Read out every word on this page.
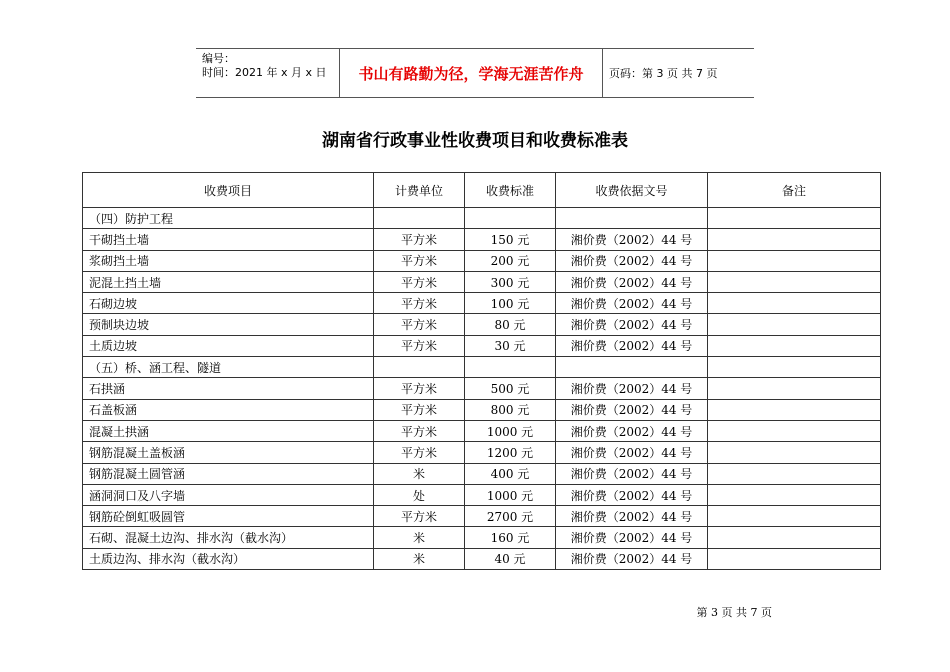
编号：
时间：2021 年 x 月 x 日	书山有路勤为径，学海无涯苦作舟	页码：第 3 页 共 7 页
湖南省行政事业性收费项目和收费标准表
收费项目	计费单位	收费标准	收费依据文号	备注
（四）防护工程				
干砌挡土墙	平方米	150 元	湘价费（2002）44 号	
浆砌挡土墙	平方米	200 元	湘价费（2002）44 号	
泥混土挡土墙	平方米	300 元	湘价费（2002）44 号	
石砌边坡	平方米	100 元	湘价费（2002）44 号	
预制块边坡	平方米	80 元	湘价费（2002）44 号	
土质边坡	平方米	30 元	湘价费（2002）44 号	
（五）桥、涵工程、隧道				
石拱涵	平方米	500 元	湘价费（2002）44 号	
石盖板涵	平方米	800 元	湘价费（2002）44 号	
混凝土拱涵	平方米	1000 元	湘价费（2002）44 号	
钢筋混凝土盖板涵	平方米	1200 元	湘价费（2002）44 号	
钢筋混凝土圆管涵	米	400 元	湘价费（2002）44 号	
涵洞洞口及八字墙	处	1000 元	湘价费（2002）44 号	
钢筋砼倒虹吸圆管	平方米	2700 元	湘价费（2002）44 号	
石砌、混凝土边沟、排水沟（截水沟）	米	160 元	湘价费（2002）44 号	
土质边沟、排水沟（截水沟）	米	40 元	湘价费（2002）44 号	
第 3 页 共 7 页
